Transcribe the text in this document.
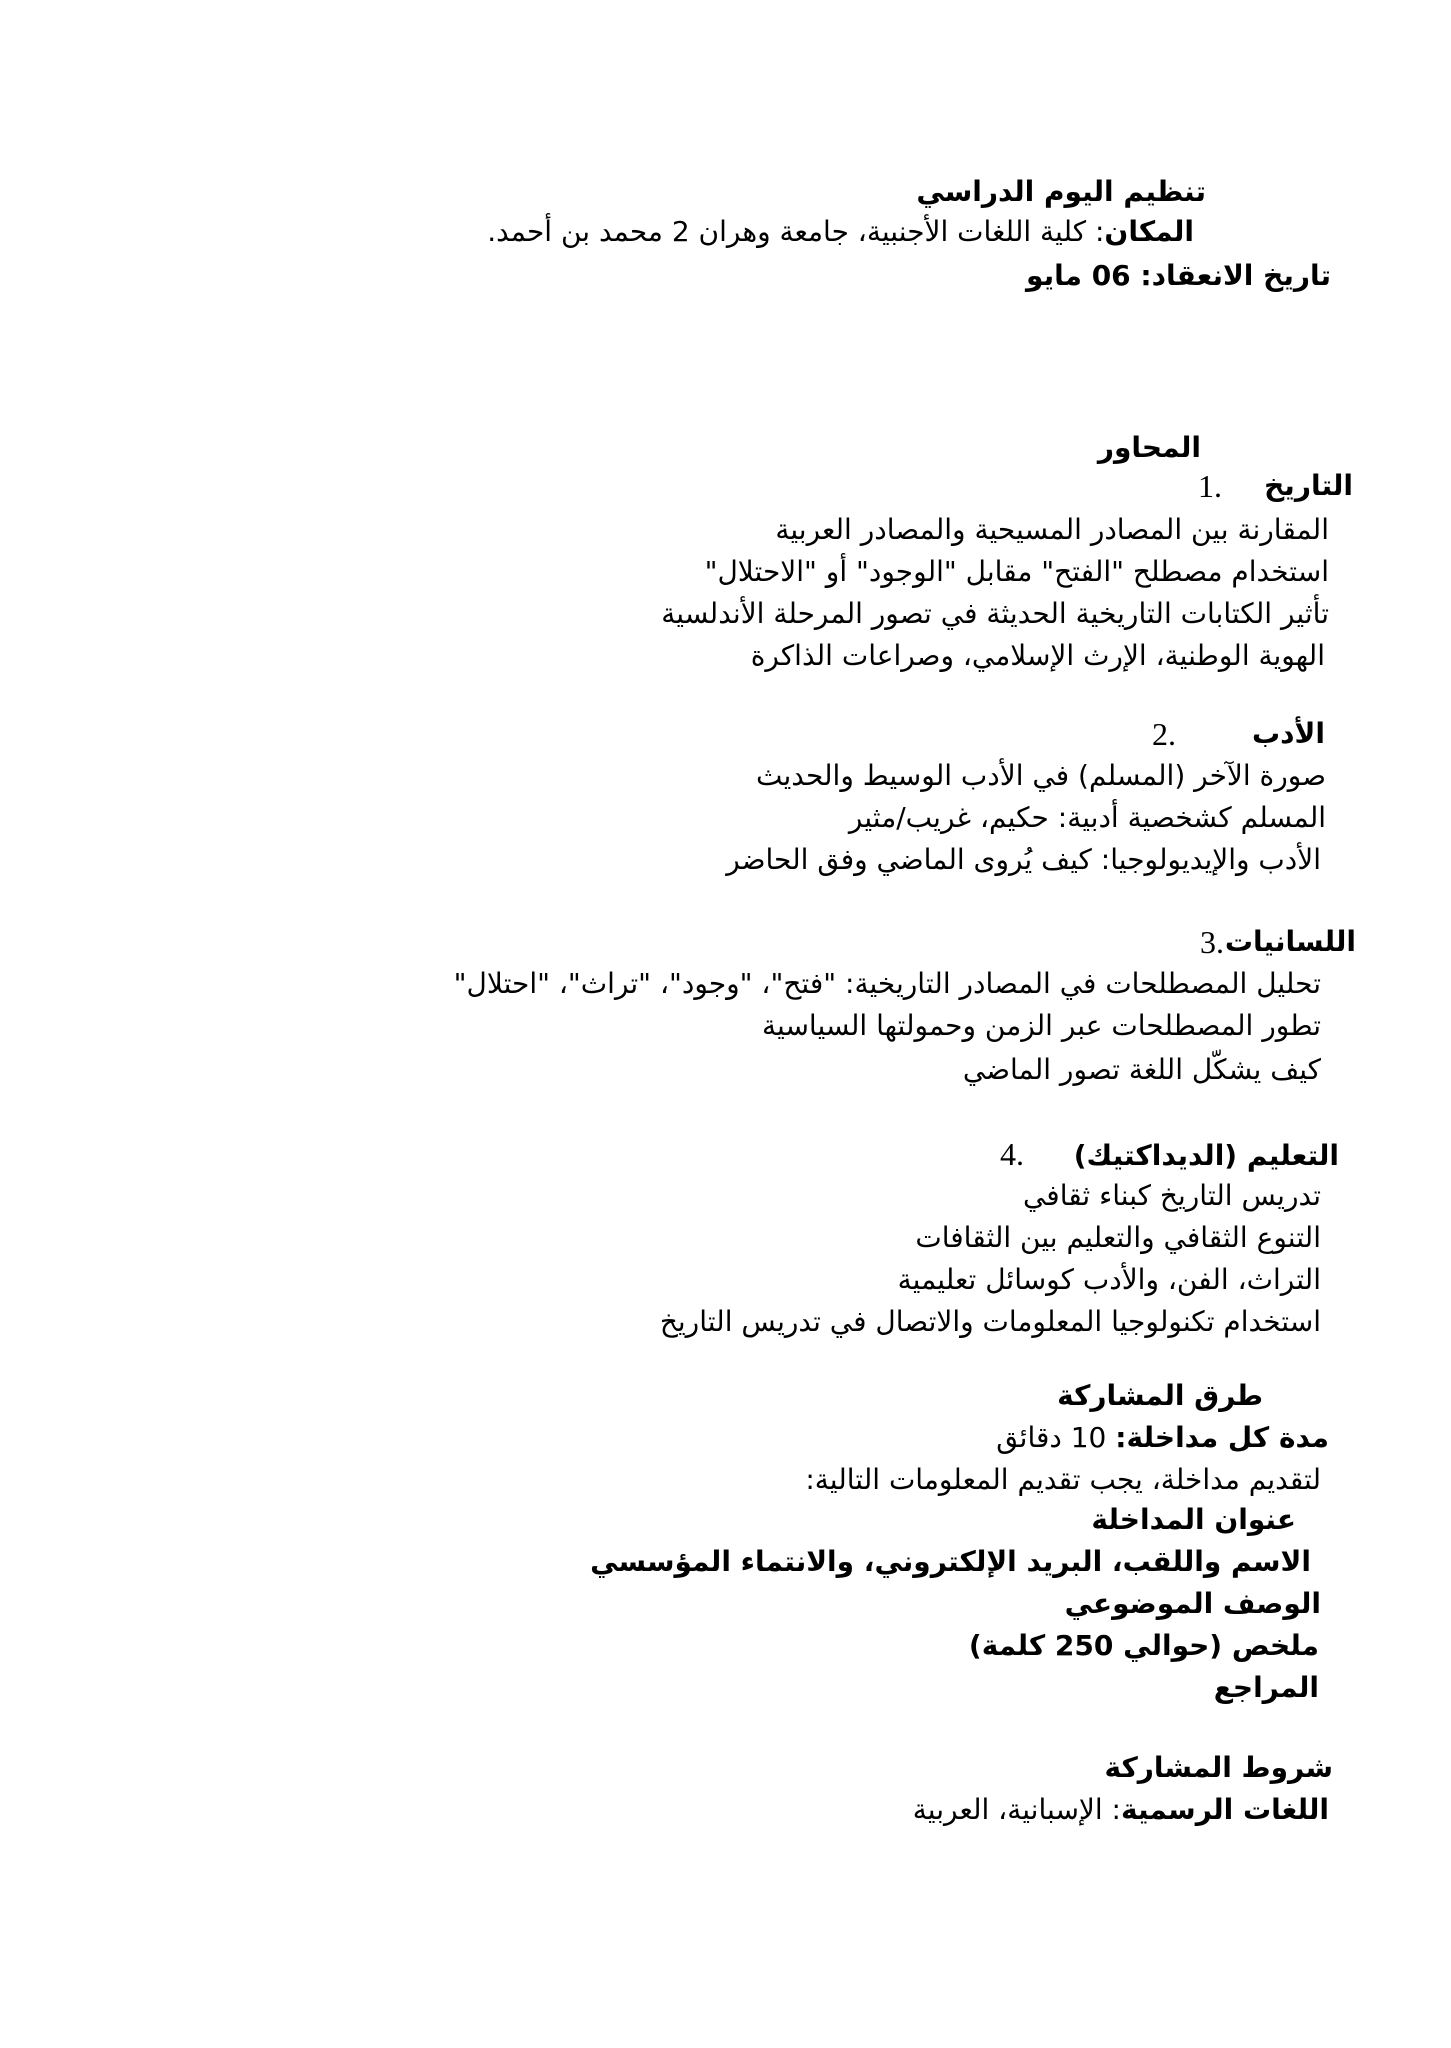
تنظيم اليوم الدراسي
المكان: كلية اللغات الأجنبية، جامعة وهران 2 محمد بن أحمد.
تاريخ الانعقاد: 06 مايو
المحاور
التاريخ
1.
المقارنة بين المصادر المسيحية والمصادر العربية
استخدام مصطلح "الفتح" مقابل "الوجود" أو "الاحتلال"
تأثير الكتابات التاريخية الحديثة في تصور المرحلة الأندلسية
الهوية الوطنية، الإرث الإسلامي، وصراعات الذاكرة
الأدب
2.
صورة الآخر (المسلم) في الأدب الوسيط والحديث
المسلم كشخصية أدبية: حكيم، غريب/مثير
الأدب والإيديولوجيا: كيف يُروى الماضي وفق الحاضر
اللسانيات
3.
تحليل المصطلحات في المصادر التاريخية: "فتح"، "وجود"، "تراث"، "احتلال"
تطور المصطلحات عبر الزمن وحمولتها السياسية
كيف يشكّل اللغة تصور الماضي
التعليم (الديداكتيك)
4.
تدريس التاريخ كبناء ثقافي
التنوع الثقافي والتعليم بين الثقافات
التراث، الفن، والأدب كوسائل تعليمية
استخدام تكنولوجيا المعلومات والاتصال في تدريس التاريخ
طرق المشاركة
مدة كل مداخلة: 10 دقائق
لتقديم مداخلة، يجب تقديم المعلومات التالية:
عنوان المداخلة
الاسم واللقب، البريد الإلكتروني، والانتماء المؤسسي
الوصف الموضوعي
ملخص (حوالي 250 كلمة)
المراجع
شروط المشاركة
اللغات الرسمية: الإسبانية، العربية
